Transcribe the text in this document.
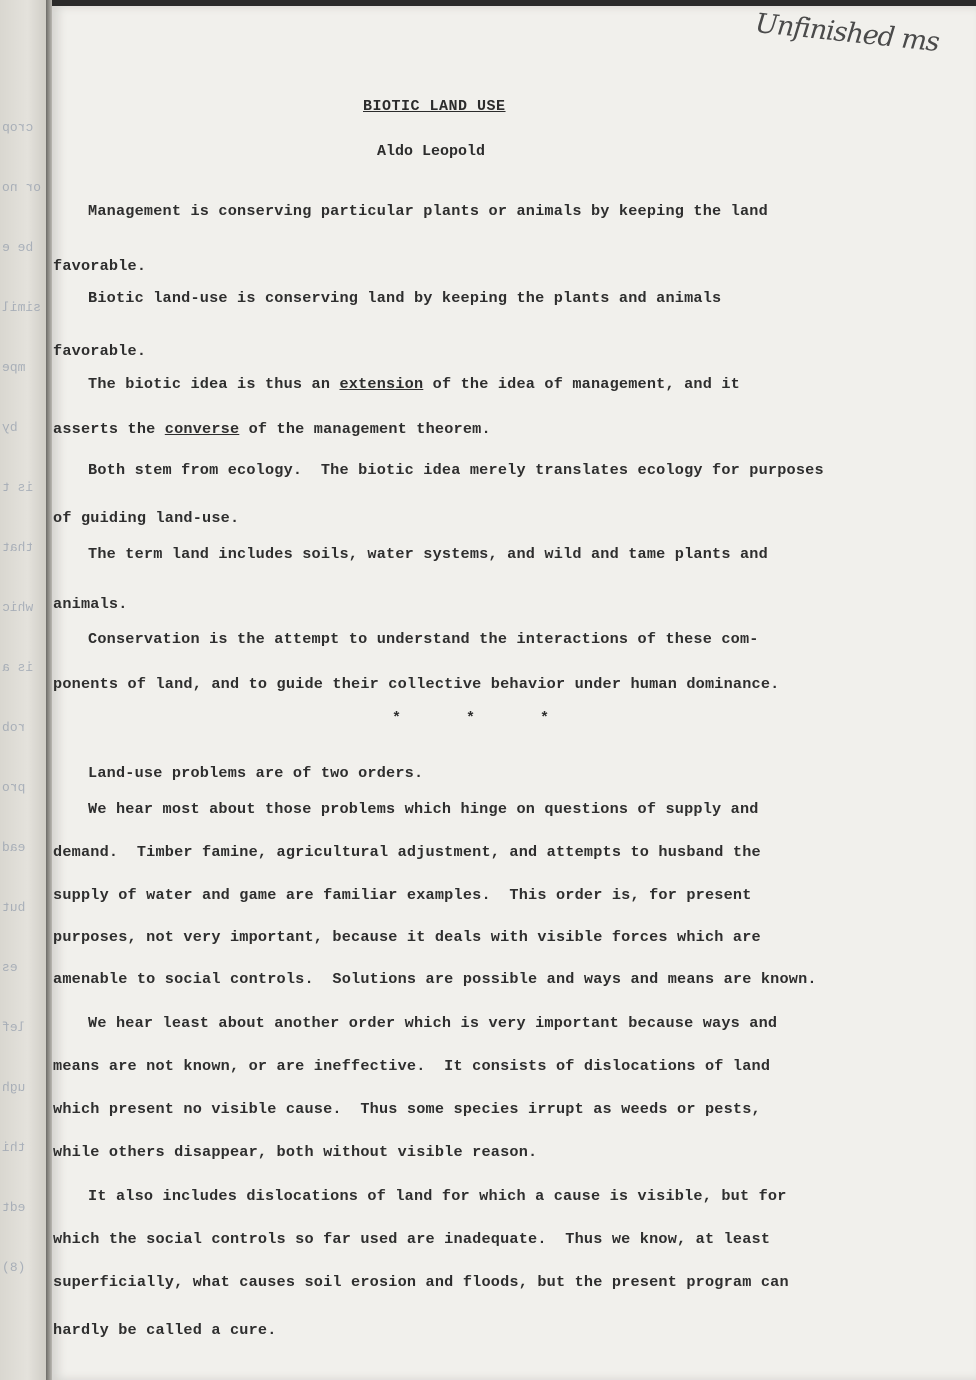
crop
or no
be e
simil
mpe
by
is t
that
whic
is a
rob
pro
ead
but
es
lef
ugh
thi
edt
(8)
Unfinished ms
BIOTIC LAND USE
Aldo Leopold
* * *
Management is conserving particular plants or animals by keeping the land
favorable.
Biotic land-use is conserving land by keeping the plants and animals
favorable.
The biotic idea is thus an extension of the idea of management, and it
asserts the converse of the management theorem.
Both stem from ecology.  The biotic idea merely translates ecology for purposes
of guiding land-use.
The term land includes soils, water systems, and wild and tame plants and
animals.
Conservation is the attempt to understand the interactions of these com-
ponents of land, and to guide their collective behavior under human dominance.
Land-use problems are of two orders.
We hear most about those problems which hinge on questions of supply and
demand.  Timber famine, agricultural adjustment, and attempts to husband the
supply of water and game are familiar examples.  This order is, for present
purposes, not very important, because it deals with visible forces which are
amenable to social controls.  Solutions are possible and ways and means are known.
We hear least about another order which is very important because ways and
means are not known, or are ineffective.  It consists of dislocations of land
which present no visible cause.  Thus some species irrupt as weeds or pests,
while others disappear, both without visible reason.
It also includes dislocations of land for which a cause is visible, but for
which the social controls so far used are inadequate.  Thus we know, at least
superficially, what causes soil erosion and floods, but the present program can
hardly be called a cure.
